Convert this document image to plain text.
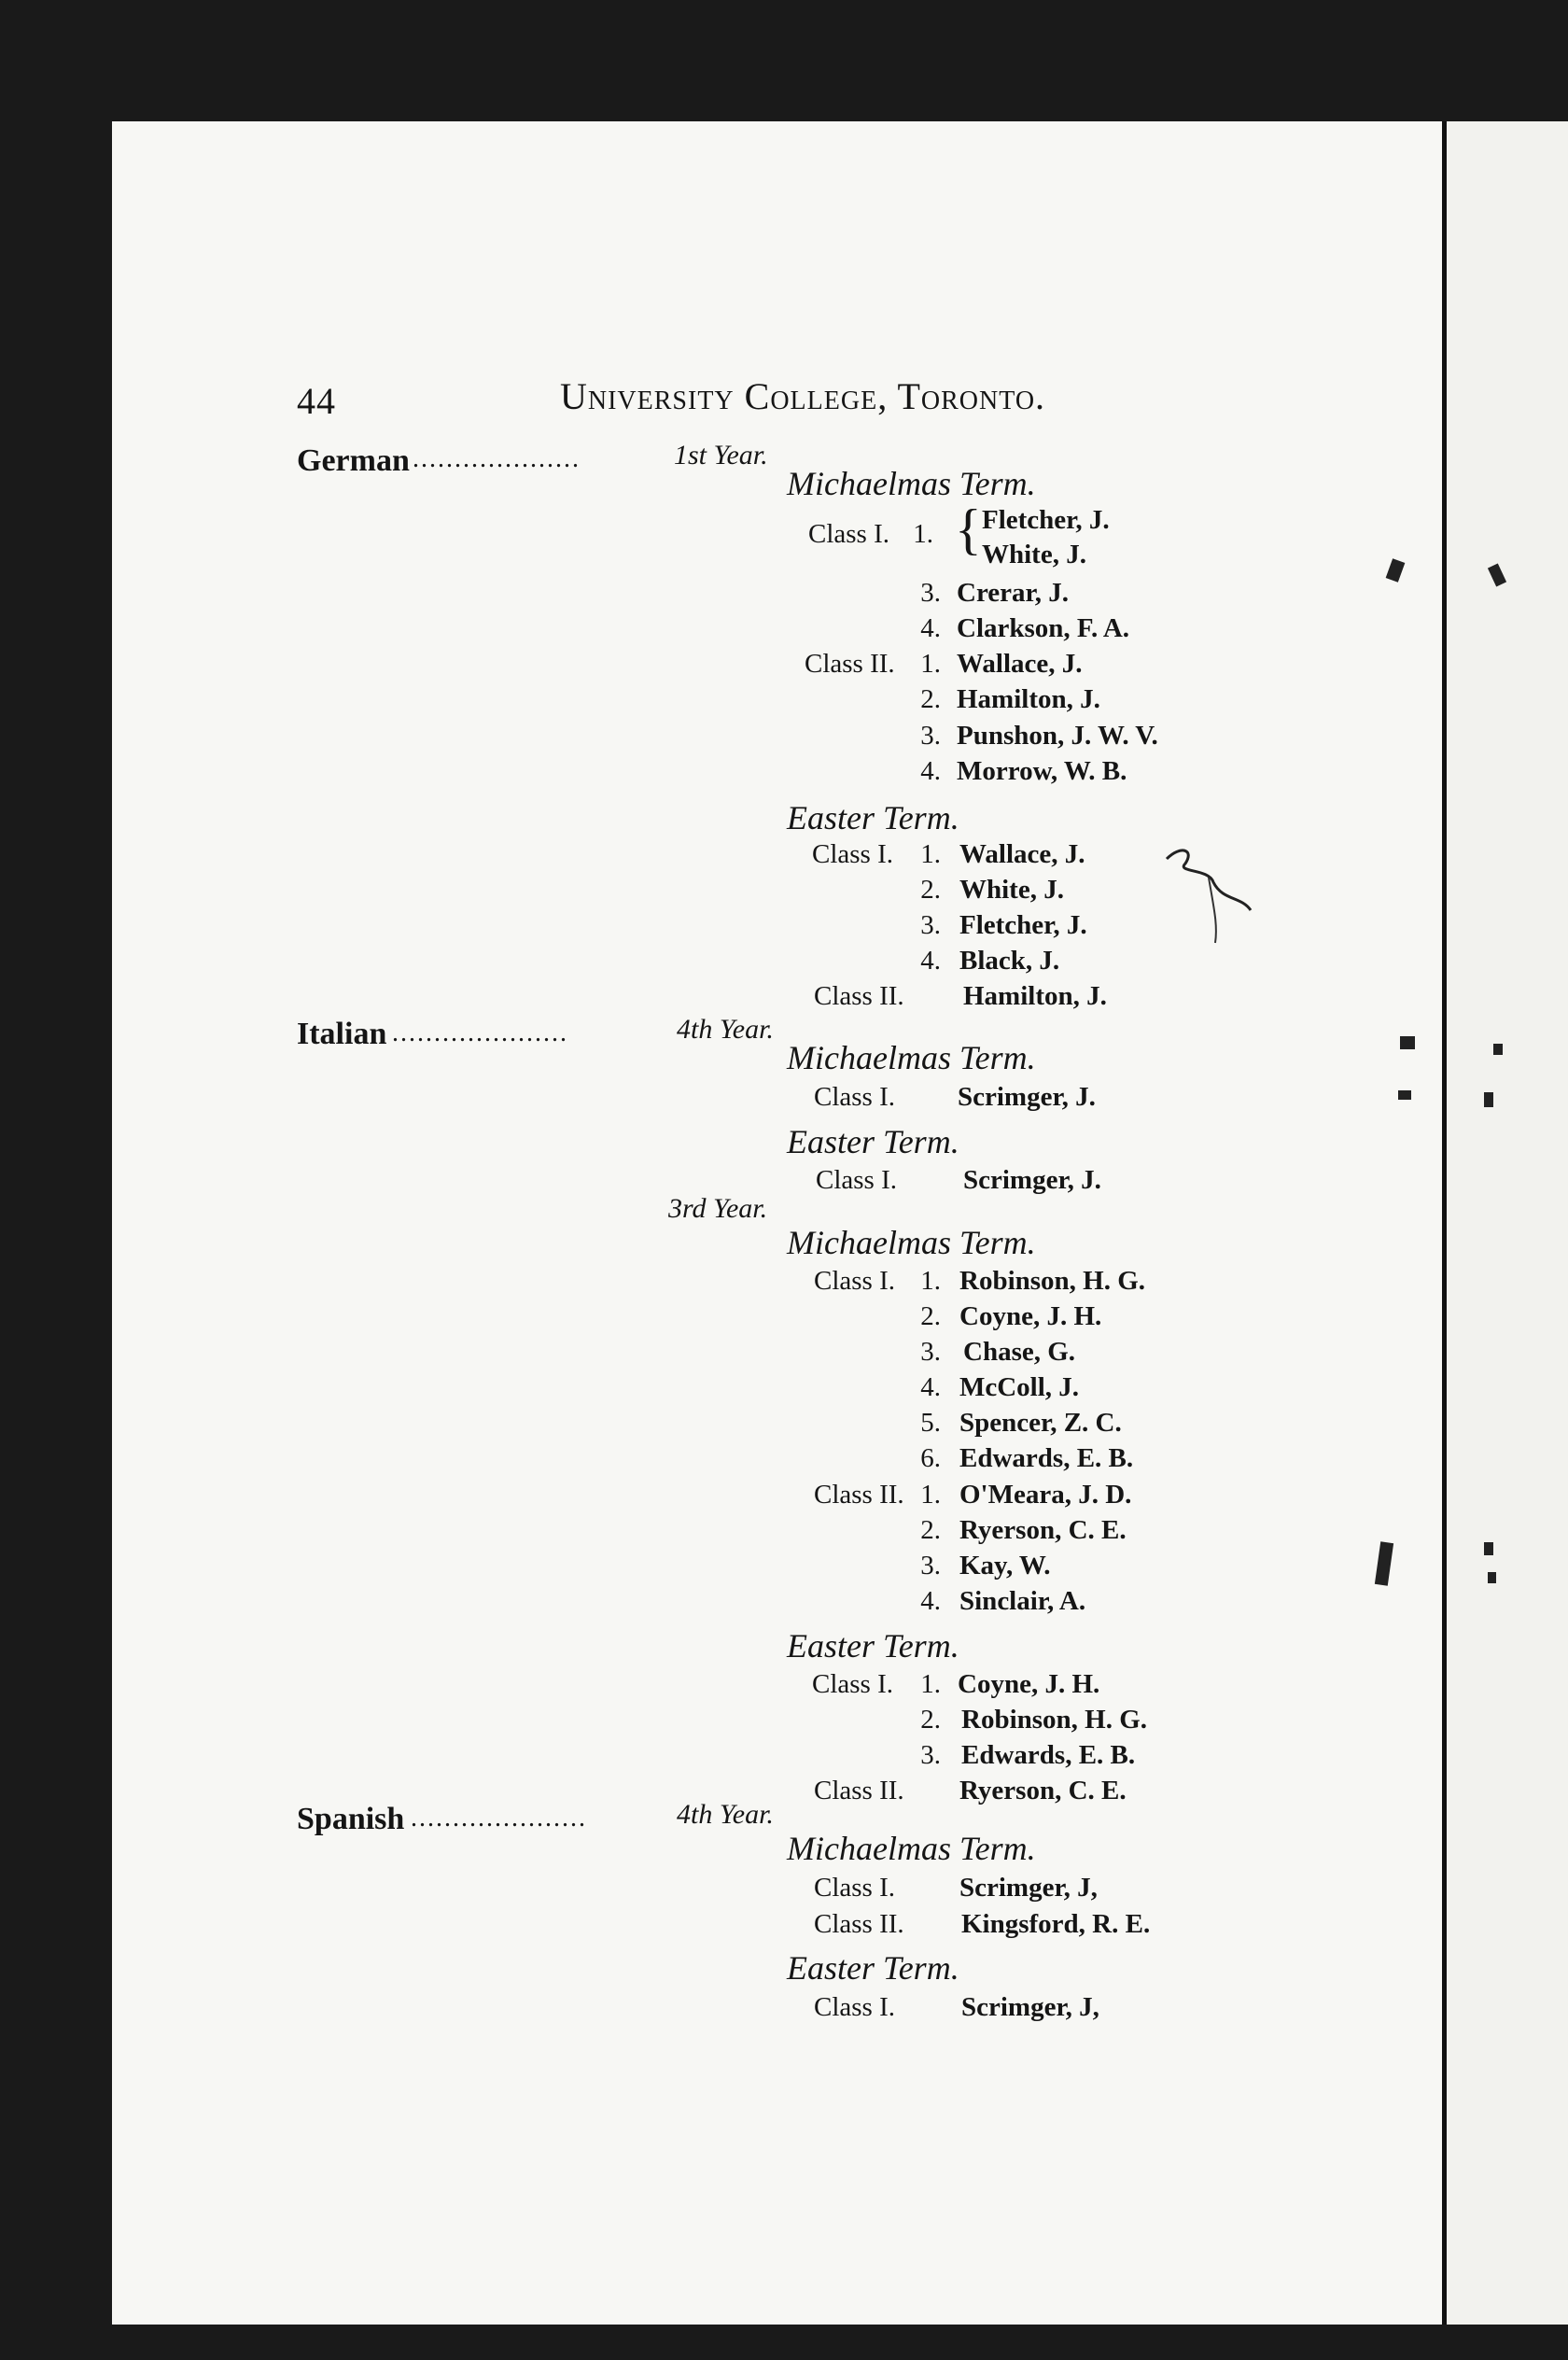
44	University College, Toronto.
German ....................	1st Year.
Michaelmas Term.
Class I. 1. { Fletcher, J.
White, J.
3. Crerar, J.
4. Clarkson, F. A.
Class II. 1. Wallace, J.
2. Hamilton, J.
3. Punshon, J. W. V.
4. Morrow, W. B.
Easter Term.
Class I.	1. Wallace, J.
2. White, J.
3. Fletcher, J.
4. Black, J.
Class II. Hamilton, J.
Italian .....................	4th Year.
Michaelmas Term.
Class I. Scrimger, J.
Easter Term.
Class I. Scrimger, J.
3rd Year.
Michaelmas Term.
Class I. 1. Robinson, H. G.
2. Coyne, J. H.
3. Chase, G.
4. McColl, J.
5. Spencer, Z. C.
6. Edwards, E. B.
Class II. 1. O'Meara, J. D.
2. Ryerson, C. E.
3. Kay, W.
4. Sinclair, A.
Easter Term.
Class I.	1. Coyne, J. H.
2. Robinson, H. G.
3. Edwards, E. B.
Class II. Ryerson, C. E.
Spanish .....................	4th Year.
Michaelmas Term.
Class I. Scrimger, J,
Class II. Kingsford, R. E.
Easter Term.
Class I. Scrimger, J,
